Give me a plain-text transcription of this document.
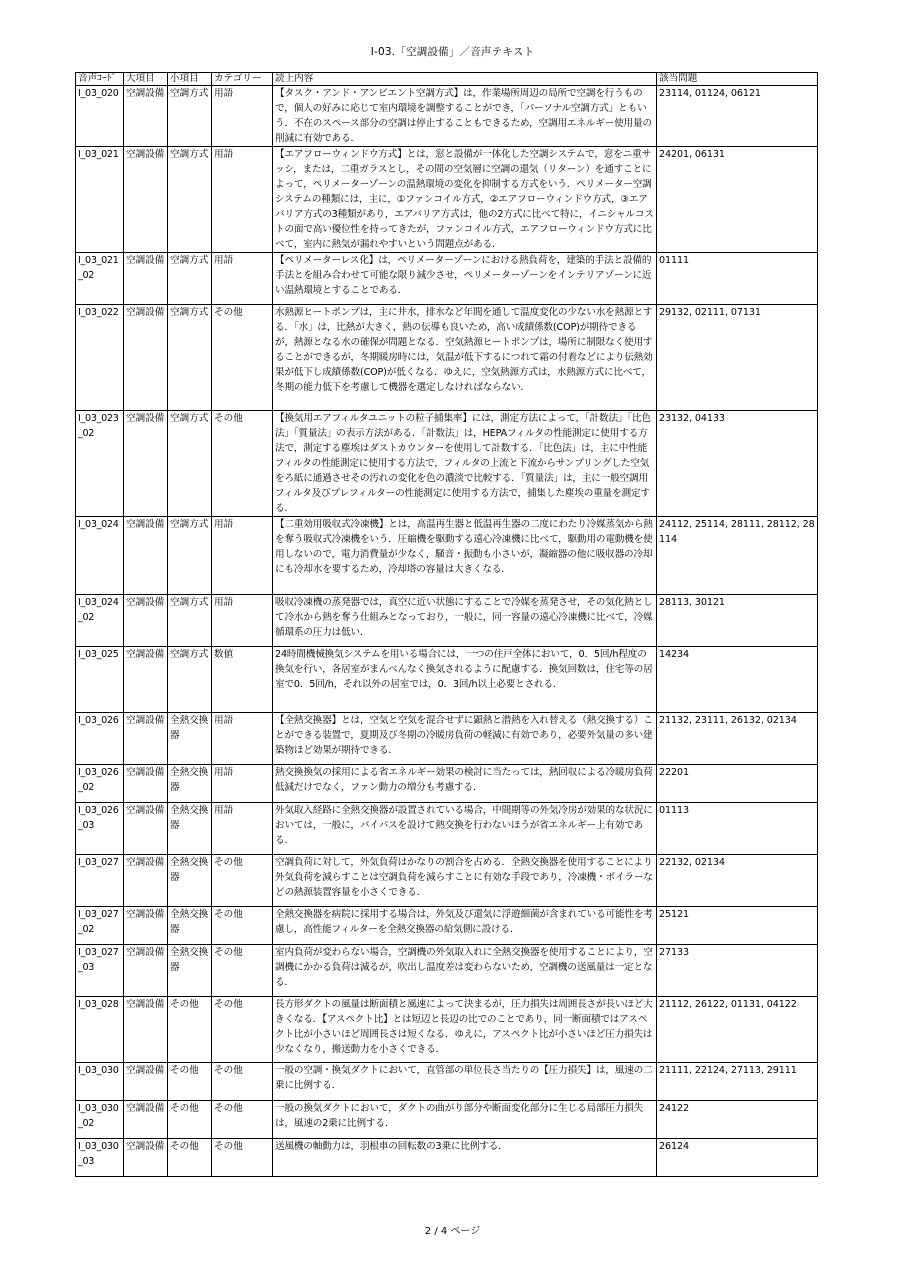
I-03.「空調設備」／音声テキスト
音声ｺｰﾄﾞ	大項目	小項目	カテゴリー	読上内容	該当問題
I_03_020	空調設備	空調方式	用語	【タスク・アンド・アンビエント空調方式】は，作業場所周辺の局所で空調を行うもので，個人の好みに応じて室内環境を調整することができ，「パーソナル空調方式」ともいう．不在のスペース部分の空調は停止することもできるため，空調用エネルギー使用量の削減に有効である．	23114, 01124, 06121
I_03_021	空調設備	空調方式	用語	【エアフローウィンドウ方式】とは，窓と設備が一体化した空調システムで，窓をニ重サッシ，または，二重ガラスとし，その間の空気層に空調の還気（リターン）を通すことによって，ペリメーターゾーンの温熱環境の変化を抑制する方式をいう．ペリメーター空調システムの種類には，主に，①ファンコイル方式，②エアフローウィンドウ方式，③エアバリア方式の3種類があり，エアバリア方式は，他の2方式に比べて特に，イニシャルコストの面で高い優位性を持ってきたが，ファンコイル方式，エアフローウィンドウ方式に比べて，室内に熱気が漏れやすいという問題点がある．	24201, 06131
I_03_021_02	空調設備	空調方式	用語	【ペリメーターレス化】は，ペリメーターゾーンにおける熱負荷を，建築的手法と設備的手法とを組み合わせて可能な限り減少させ，ペリメーターゾーンをインテリアゾーンに近い温熱環境とすることである．	01111
I_03_022	空調設備	空調方式	その他	水熱源ヒートポンプは，主に井水，排水など年間を通して温度変化の少ない水を熱源とする．「水」は，比熱が大きく，熱の伝導も良いため，高い成績係数(COP)が期待できるが，熱源となる水の確保が問題となる．空気熱源ヒートポンプは，場所に制限なく使用することができるが，冬期暖房時には，気温が低下するにつれて霜の付着などにより伝熱効果が低下し成績係数(COP)が低くなる．ゆえに，空気熱源方式は，水熱源方式に比べて，冬期の能力低下を考慮して機器を選定しなければならない．	29132, 02111, 07131
I_03_023_02	空調設備	空調方式	その他	【換気用エアフィルタユニットの粒子捕集率】には，測定方法によって，「計数法」「比色法」「質量法」の表示方法がある．「計数法」は，HEPAフィルタの性能測定に使用する方法で，測定する塵埃はダストカウンターを使用して計数する．「比色法」は，主に中性能フィルタの性能測定に使用する方法で，フィルタの上流と下流からサンプリングした空気をろ紙に通過させその汚れの変化を色の濃淡で比較する．「質量法」は，主に一般空調用フィルタ及びプレフィルターの性能測定に使用する方法で，捕集した塵埃の重量を測定する．	23132, 04133
I_03_024	空調設備	空調方式	用語	【二重効用吸収式冷凍機】とは，高温再生器と低温再生器の二度にわたり冷媒蒸気から熱を奪う吸収式冷凍機をいう．圧縮機を駆動する遠心冷凍機に比べて，駆動用の電動機を使用しないので，電力消費量が少なく，騒音・振動も小さいが，凝縮器の他に吸収器の冷却にも冷却水を要するため，冷却塔の容量は大きくなる．	24112, 25114, 28111, 28112, 28114
I_03_024_02	空調設備	空調方式	用語	吸収冷凍機の蒸発器では，真空に近い状態にすることで冷媒を蒸発させ，その気化熱として冷水から熱を奪う仕組みとなっており，一般に，同一容量の遠心冷凍機に比べて，冷媒循環系の圧力は低い．	28113, 30121
I_03_025	空調設備	空調方式	数値	24時間機械換気システムを用いる場合には，一つの住戸全体において，0．5回/h程度の換気を行い，各居室がまんべんなく換気されるように配慮する．換気回数は，住宅等の居室で0．5回/h，それ以外の居室では，0．3回/h以上必要とされる．	14234
I_03_026	空調設備	全熱交換器	用語	【全熱交換器】とは，空気と空気を混合せずに顕熱と潜熱を入れ替える（熱交換する）ことができる装置で，夏期及び冬期の冷暖房負荷の軽減に有効であり，必要外気量の多い建築物ほど効果が期待できる．	21132, 23111, 26132, 02134
I_03_026_02	空調設備	全熱交換器	用語	熱交換換気の採用による省エネルギー効果の検討に当たっては，熱回収による冷暖房負荷低減だけでなく，ファン動力の増分も考慮する．	22201
I_03_026_03	空調設備	全熱交換器	用語	外気取入経路に全熱交換器が設置されている場合，中間期等の外気冷房が効果的な状況においては，一般に，バイパスを設けて熱交換を行わないほうが省エネルギー上有効である．	01113
I_03_027	空調設備	全熱交換器	その他	空調負荷に対して，外気負荷はかなりの割合を占める．全熱交換器を使用することにより外気負荷を減らすことは空調負荷を減らすことに有効な手段であり，冷凍機・ボイラーなどの熱源装置容量を小さくできる．	22132, 02134
I_03_027_02	空調設備	全熱交換器	その他	全熱交換器を病院に採用する場合は，外気及び還気に浮遊細菌が含まれている可能性を考慮し，高性能フィルターを全熱交換器の給気側に設ける．	25121
I_03_027_03	空調設備	全熱交換器	その他	室内負荷が変わらない場合，空調機の外気取入れに全熱交換器を使用することにより，空調機にかかる負荷は減るが，吹出し温度差は変わらないため，空調機の送風量は一定となる．	27133
I_03_028	空調設備	その他	その他	長方形ダクトの風量は断面積と風速によって決まるが，圧力損失は周囲長さが長いほど大きくなる．【アスペクト比】とは短辺と長辺の比でのことであり，同一断面積ではアスペクト比が小さいほど周囲長さは短くなる．ゆえに，アスペクト比が小さいほど圧力損失は少なくなり，搬送動力を小さくできる．	21112, 26122, 01131, 04122
I_03_030	空調設備	その他	その他	一般の空調・換気ダクトにおいて，直管部の単位長さ当たりの【圧力損失】は，風速の二乗に比例する．	21111, 22124, 27113, 29111
I_03_030_02	空調設備	その他	その他	一般の換気ダクトにおいて，ダクトの曲がり部分や断面変化部分に生じる局部圧力損失は，風速の2乗に比例する．	24122
I_03_030_03	空調設備	その他	その他	送風機の軸動力は，羽根車の回転数の3乗に比例する．	26124
2 / 4 ページ
